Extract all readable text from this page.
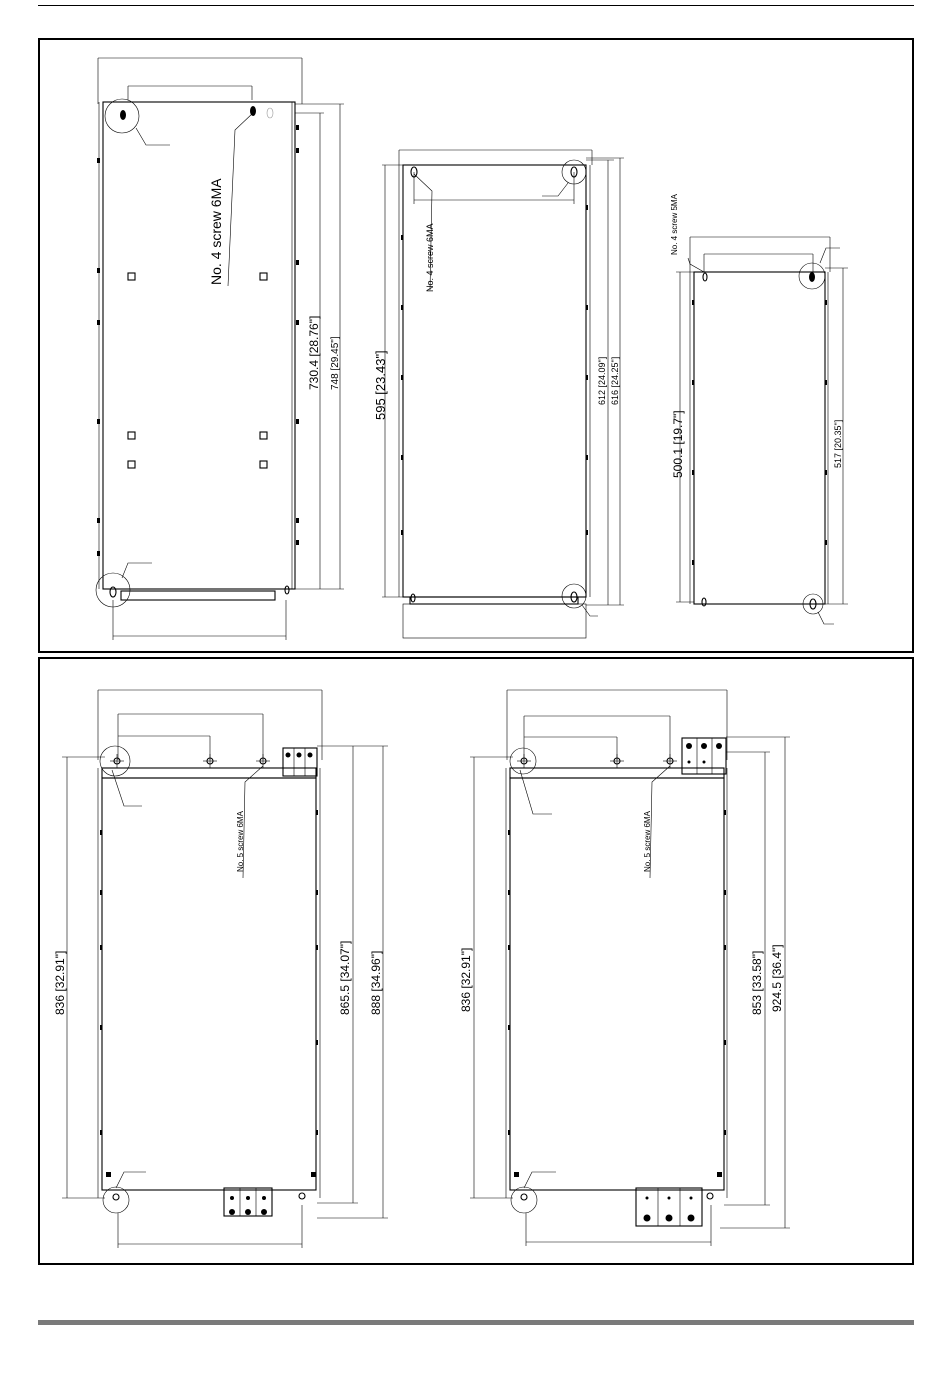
No. 4 screw 6MA
730.4 [28.76"] 748 [29.45"]
No. 4 screw 6MA
595 [23.43"]	612 [24.09"] 616 [24.25"]
No. 4 screw 5MA
500.1 [19.7"]	517 [20.35"]
No. 5 screw 6MA
836 [32.91"]	865.5 [34.07"] 888 [34.96"]
No. 5 screw 6MA
836 [32.91"]	853 [33.58"] 924.5 [36.4"]
